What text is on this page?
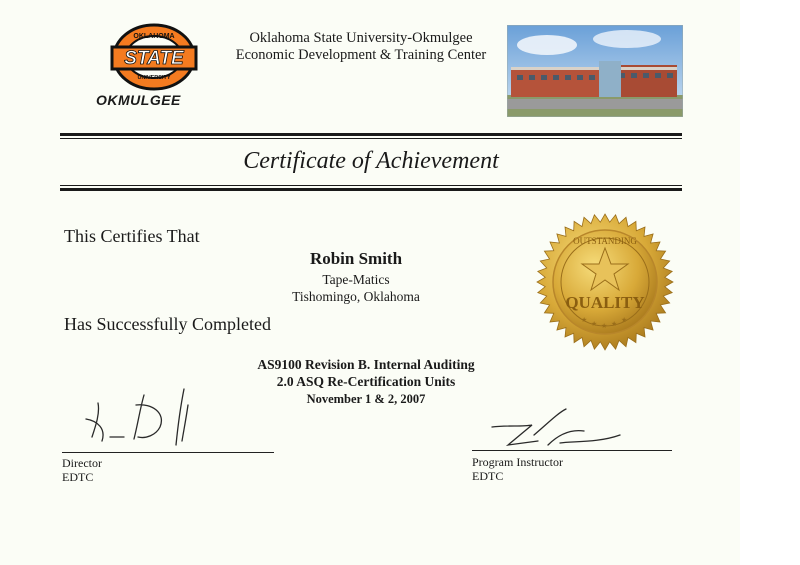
STATE
OKLAHOMA
UNIVERSITY
OKMULGEE
Oklahoma State University-Okmulgee
Economic Development & Training Center
Certificate of Achievement
This Certifies That
Robin Smith
Tape-Matics
Tishomingo, Oklahoma
Has Successfully Completed
AS9100 Revision B. Internal Auditing
2.0 ASQ Re-Certification Units
November 1 & 2, 2007
OUTSTANDING
QUALITY
★ ★ ★ ★ ★
Director
EDTC
Program Instructor
EDTC
